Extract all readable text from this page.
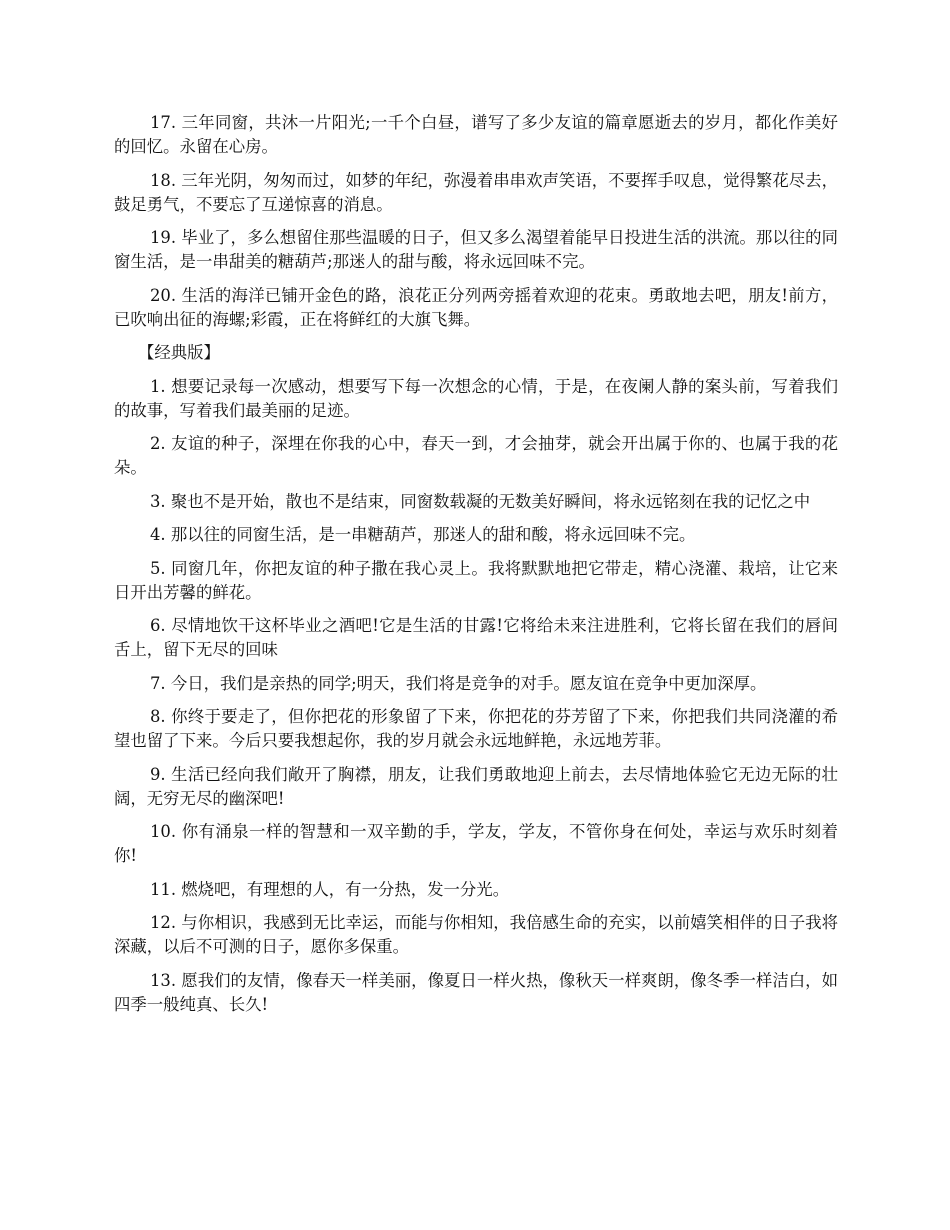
17. 三年同窗，共沐一片阳光;一千个白昼，谱写了多少友谊的篇章愿逝去的岁月，都化作美好的回忆。永留在心房。

18. 三年光阴，匆匆而过，如梦的年纪，弥漫着串串欢声笑语，不要挥手叹息，觉得繁花尽去，鼓足勇气，不要忘了互递惊喜的消息。

19. 毕业了，多么想留住那些温暖的日子，但又多么渴望着能早日投进生活的洪流。那以往的同窗生活，是一串甜美的糖葫芦;那迷人的甜与酸，将永远回味不完。

20. 生活的海洋已铺开金色的路，浪花正分列两旁摇着欢迎的花束。勇敢地去吧，朋友!前方，已吹响出征的海螺;彩霞，正在将鲜红的大旗飞舞。

【经典版】

1. 想要记录每一次感动，想要写下每一次想念的心情，于是，在夜阑人静的案头前，写着我们的故事，写着我们最美丽的足迹。

2. 友谊的种子，深埋在你我的心中，春天一到，才会抽芽，就会开出属于你的、也属于我的花朵。

3. 聚也不是开始，散也不是结束，同窗数载凝的无数美好瞬间，将永远铭刻在我的记忆之中

4. 那以往的同窗生活，是一串糖葫芦，那迷人的甜和酸，将永远回味不完。

5. 同窗几年，你把友谊的种子撒在我心灵上。我将默默地把它带走，精心浇灌、栽培，让它来日开出芳馨的鲜花。

6. 尽情地饮干这杯毕业之酒吧!它是生活的甘露!它将给未来注进胜利，它将长留在我们的唇间舌上，留下无尽的回味

7. 今日，我们是亲热的同学;明天，我们将是竞争的对手。愿友谊在竞争中更加深厚。

8. 你终于要走了，但你把花的形象留了下来，你把花的芬芳留了下来，你把我们共同浇灌的希望也留了下来。今后只要我想起你，我的岁月就会永远地鲜艳，永远地芳菲。

9. 生活已经向我们敞开了胸襟，朋友，让我们勇敢地迎上前去，去尽情地体验它无边无际的壮阔，无穷无尽的幽深吧!

10. 你有涌泉一样的智慧和一双辛勤的手，学友，学友，不管你身在何处，幸运与欢乐时刻着你!

11. 燃烧吧，有理想的人，有一分热，发一分光。

12. 与你相识，我感到无比幸运，而能与你相知，我倍感生命的充实，以前嬉笑相伴的日子我将深藏，以后不可测的日子，愿你多保重。

13. 愿我们的友情，像春天一样美丽，像夏日一样火热，像秋天一样爽朗，像冬季一样洁白，如四季一般纯真、长久!
